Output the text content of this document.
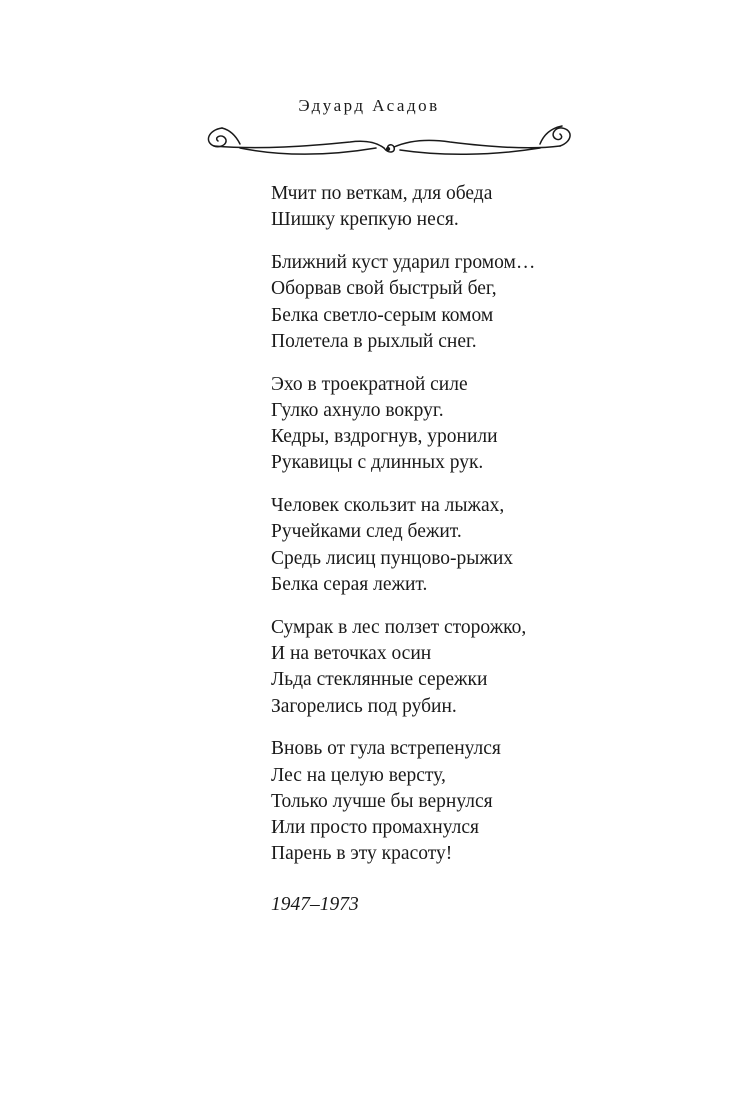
Эдуард Асадов
Мчит по веткам, для обеда
Шишку крепкую неся.
Ближний куст ударил громом…
Оборвав свой быстрый бег,
Белка светло-серым комом
Полетела в рыхлый снег.
Эхо в троекратной силе
Гулко ахнуло вокруг.
Кедры, вздрогнув, уронили
Рукавицы с длинных рук.
Человек скользит на лыжах,
Ручейками след бежит.
Средь лисиц пунцово-рыжих
Белка серая лежит.
Сумрак в лес ползет сторожко,
И на веточках осин
Льда стеклянные сережки
Загорелись под рубин.
Вновь от гула встрепенулся
Лес на целую версту,
Только лучше бы вернулся
Или просто промахнулся
Парень в эту красоту!
1947–1973
